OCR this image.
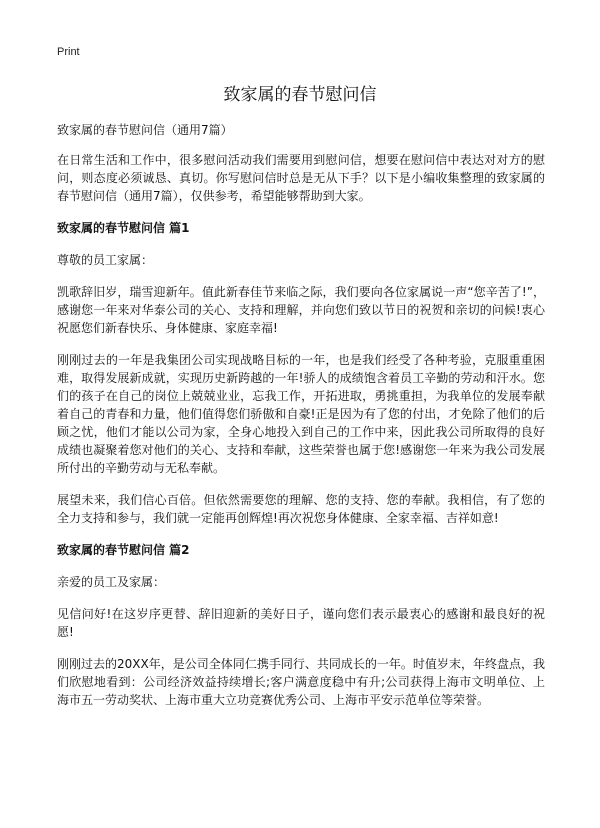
Print
致家属的春节慰问信

致家属的春节慰问信（通用7篇）

在日常生活和工作中，很多慰问活动我们需要用到慰问信，想要在慰问信中表达对对方的慰问，则态度必须诚恳、真切。你写慰问信时总是无从下手？以下是小编收集整理的致家属的春节慰问信（通用7篇），仅供参考，希望能够帮助到大家。

致家属的春节慰问信 篇1

尊敬的员工家属：

凯歌辞旧岁，瑞雪迎新年。值此新春佳节来临之际，我们要向各位家属说一声“您辛苦了!”，感谢您一年来对华泰公司的关心、支持和理解，并向您们致以节日的祝贺和亲切的问候!衷心祝愿您们新春快乐、身体健康、家庭幸福!

刚刚过去的一年是我集团公司实现战略目标的一年，也是我们经受了各种考验，克服重重困难，取得发展新成就，实现历史新跨越的一年!骄人的成绩饱含着员工辛勤的劳动和汗水。您们的孩子在自己的岗位上兢兢业业，忘我工作，开拓进取，勇挑重担，为我单位的发展奉献着自己的青春和力量，他们值得您们骄傲和自豪!正是因为有了您的付出，才免除了他们的后顾之忧，他们才能以公司为家，全身心地投入到自己的工作中来，因此我公司所取得的良好成绩也凝聚着您对他们的关心、支持和奉献，这些荣誉也属于您!感谢您一年来为我公司发展所付出的辛勤劳动与无私奉献。

展望未来，我们信心百倍。但依然需要您的理解、您的支持、您的奉献。我相信，有了您的全力支持和参与，我们就一定能再创辉煌!再次祝您身体健康、全家幸福、吉祥如意!

致家属的春节慰问信 篇2

亲爱的员工及家属：

见信问好!在这岁序更替、辞旧迎新的美好日子，谨向您们表示最衷心的感谢和最良好的祝愿!

刚刚过去的20XX年，是公司全体同仁携手同行、共同成长的一年。时值岁末，年终盘点，我们欣慰地看到：公司经济效益持续增长;客户满意度稳中有升;公司获得上海市文明单位、上海市五一劳动奖状、上海市重大立功竞赛优秀公司、上海市平安示范单位等荣誉。
